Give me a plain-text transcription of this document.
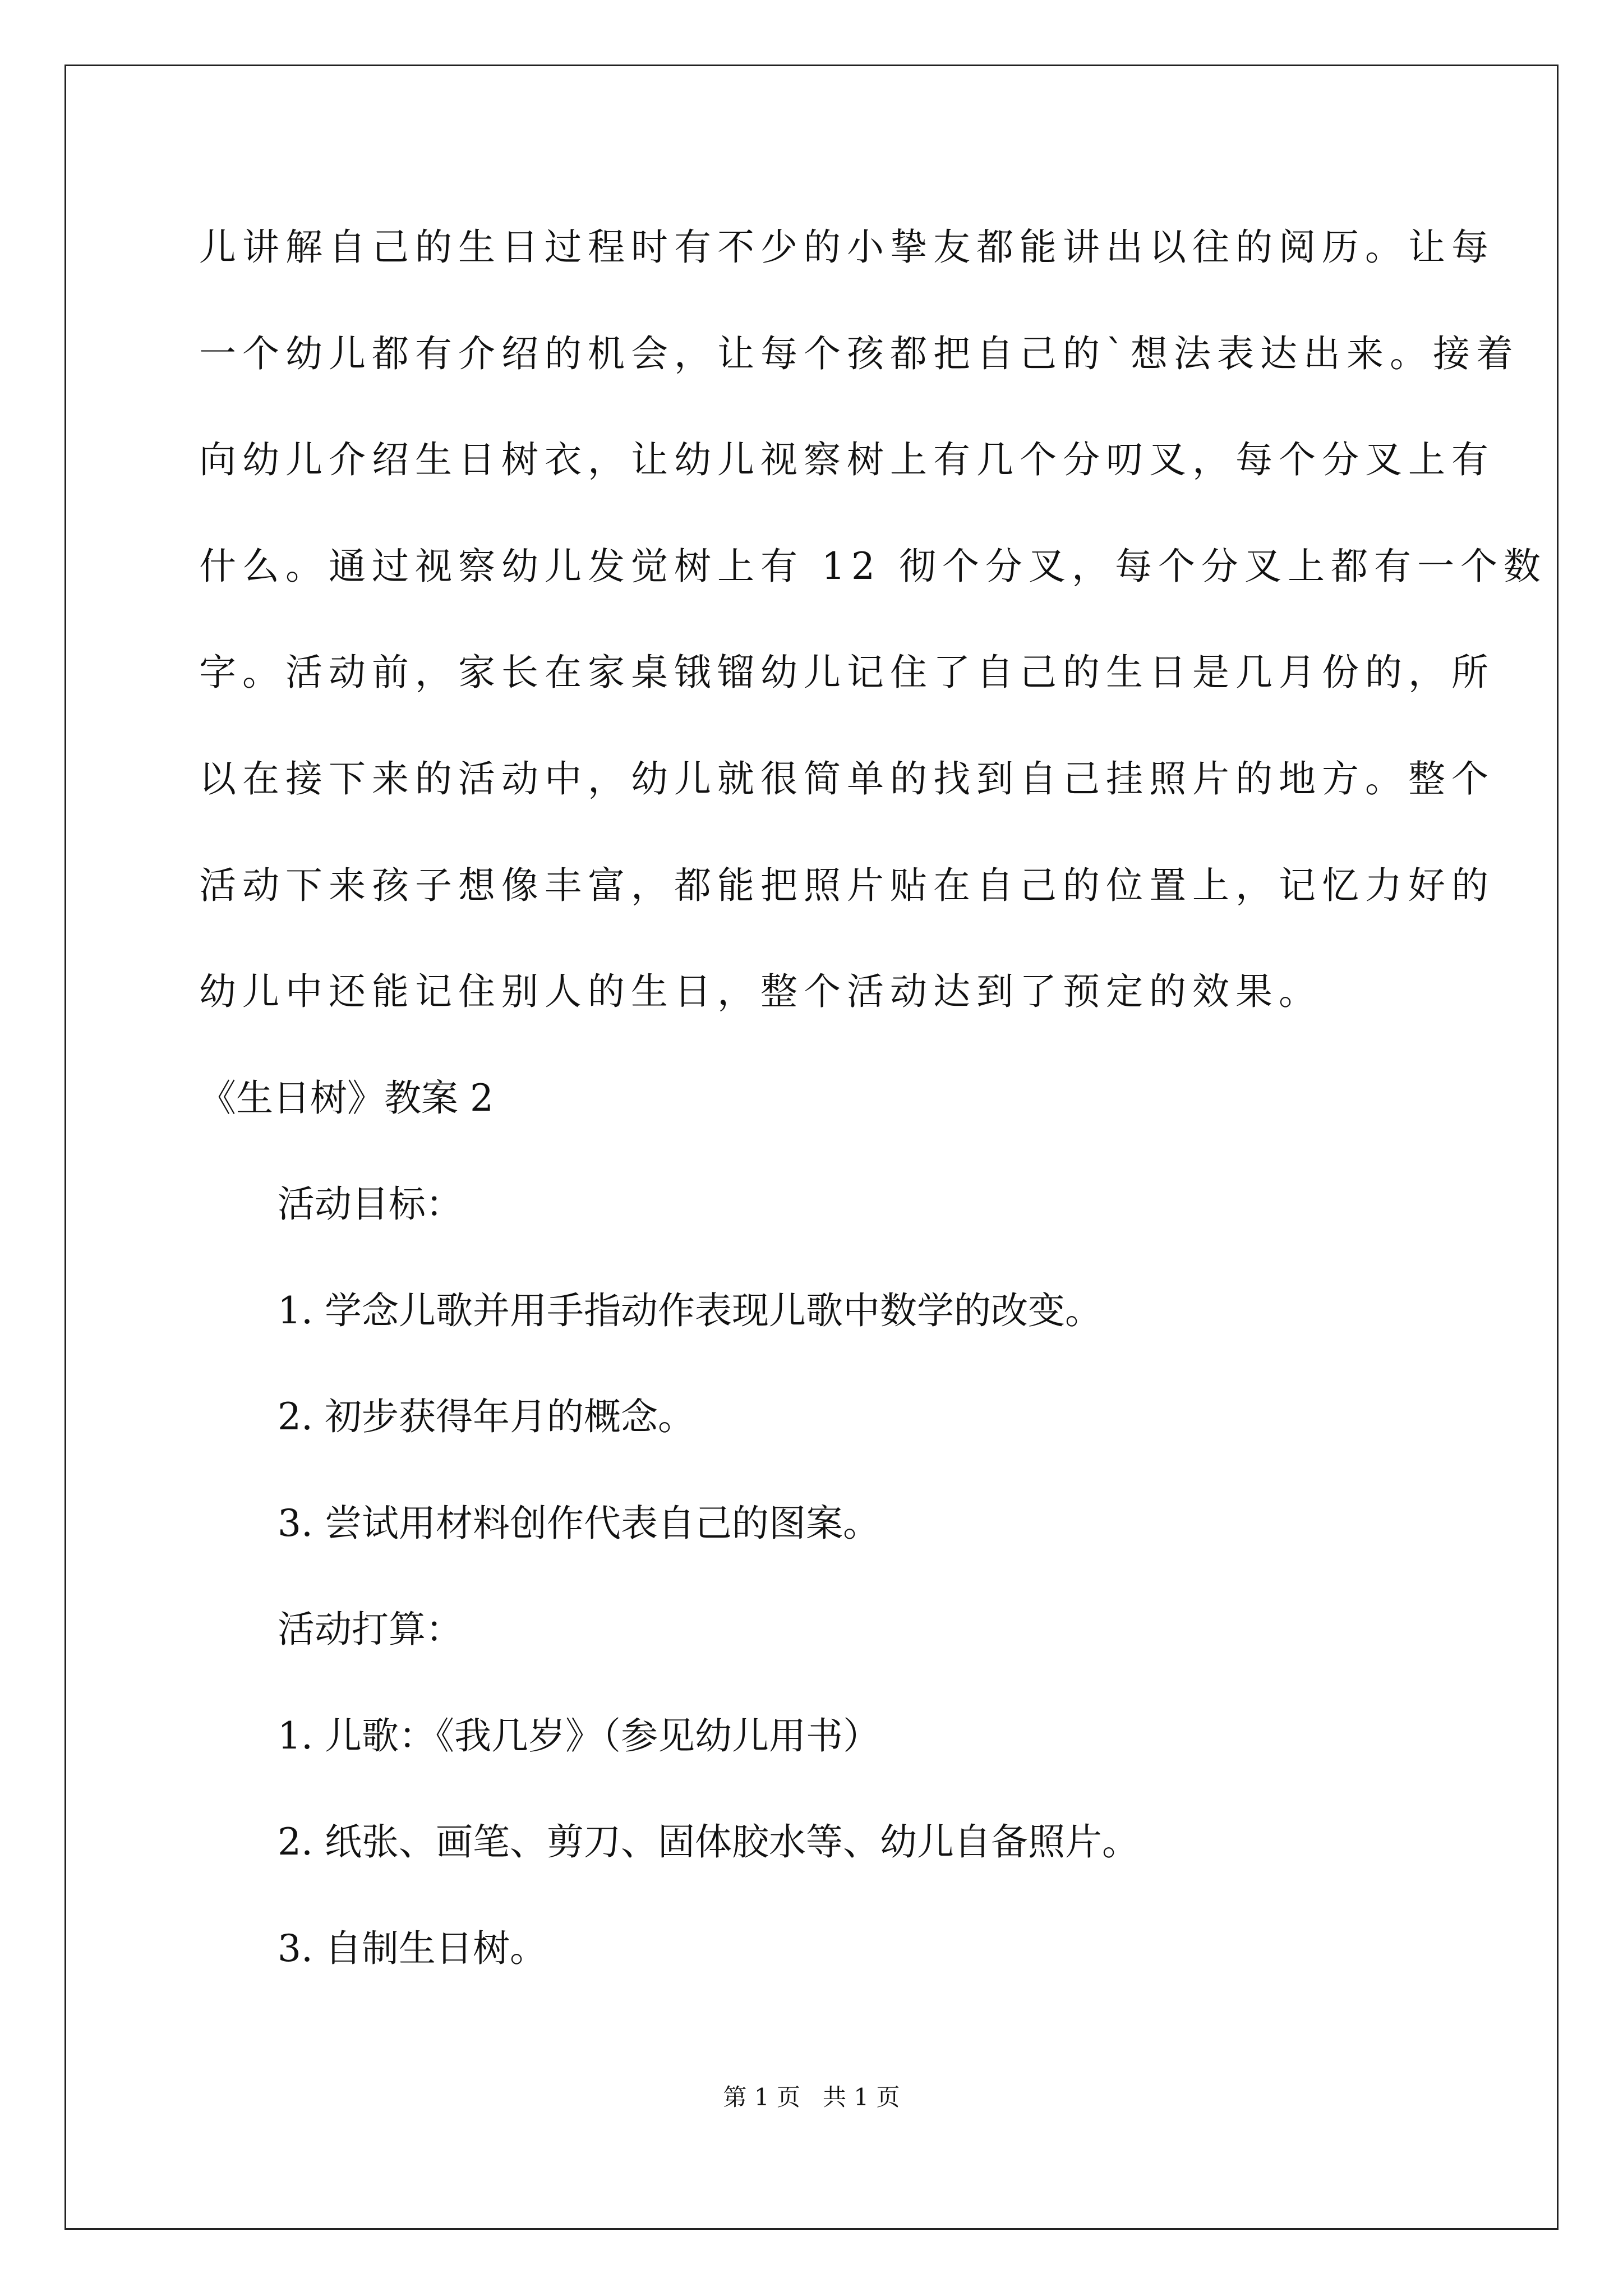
儿讲解自己的生日过程时有不少的小挚友都能讲出以往的阅历。让每
一个幼儿都有介绍的机会，让每个孩都把自己的`想法表达出来。接着
向幼儿介绍生日树衣，让幼儿视察树上有几个分叨叉，每个分叉上有
什么。通过视察幼儿发觉树上有 12 彻个分叉，每个分叉上都有一个数
字。活动前，家长在家桌锇镏幼儿记住了自己的生日是几月份的，所
以在接下来的活动中，幼儿就很简单的找到自己挂照片的地方。整个
活动下来孩子想像丰富，都能把照片贴在自己的位置上，记忆力好的
幼儿中还能记住别人的生日，整个活动达到了预定的效果。
《生日树》教案 2
活动目标：
1. 学念儿歌并用手指动作表现儿歌中数学的改变。
2. 初步获得年月的概念。
3. 尝试用材料创作代表自己的图案。
活动打算：
1. 儿歌：《我几岁》（参见幼儿用书）
2. 纸张、画笔、剪刀、固体胶水等、幼儿自备照片。
3. 自制生日树。
第 1 页   共 1 页
